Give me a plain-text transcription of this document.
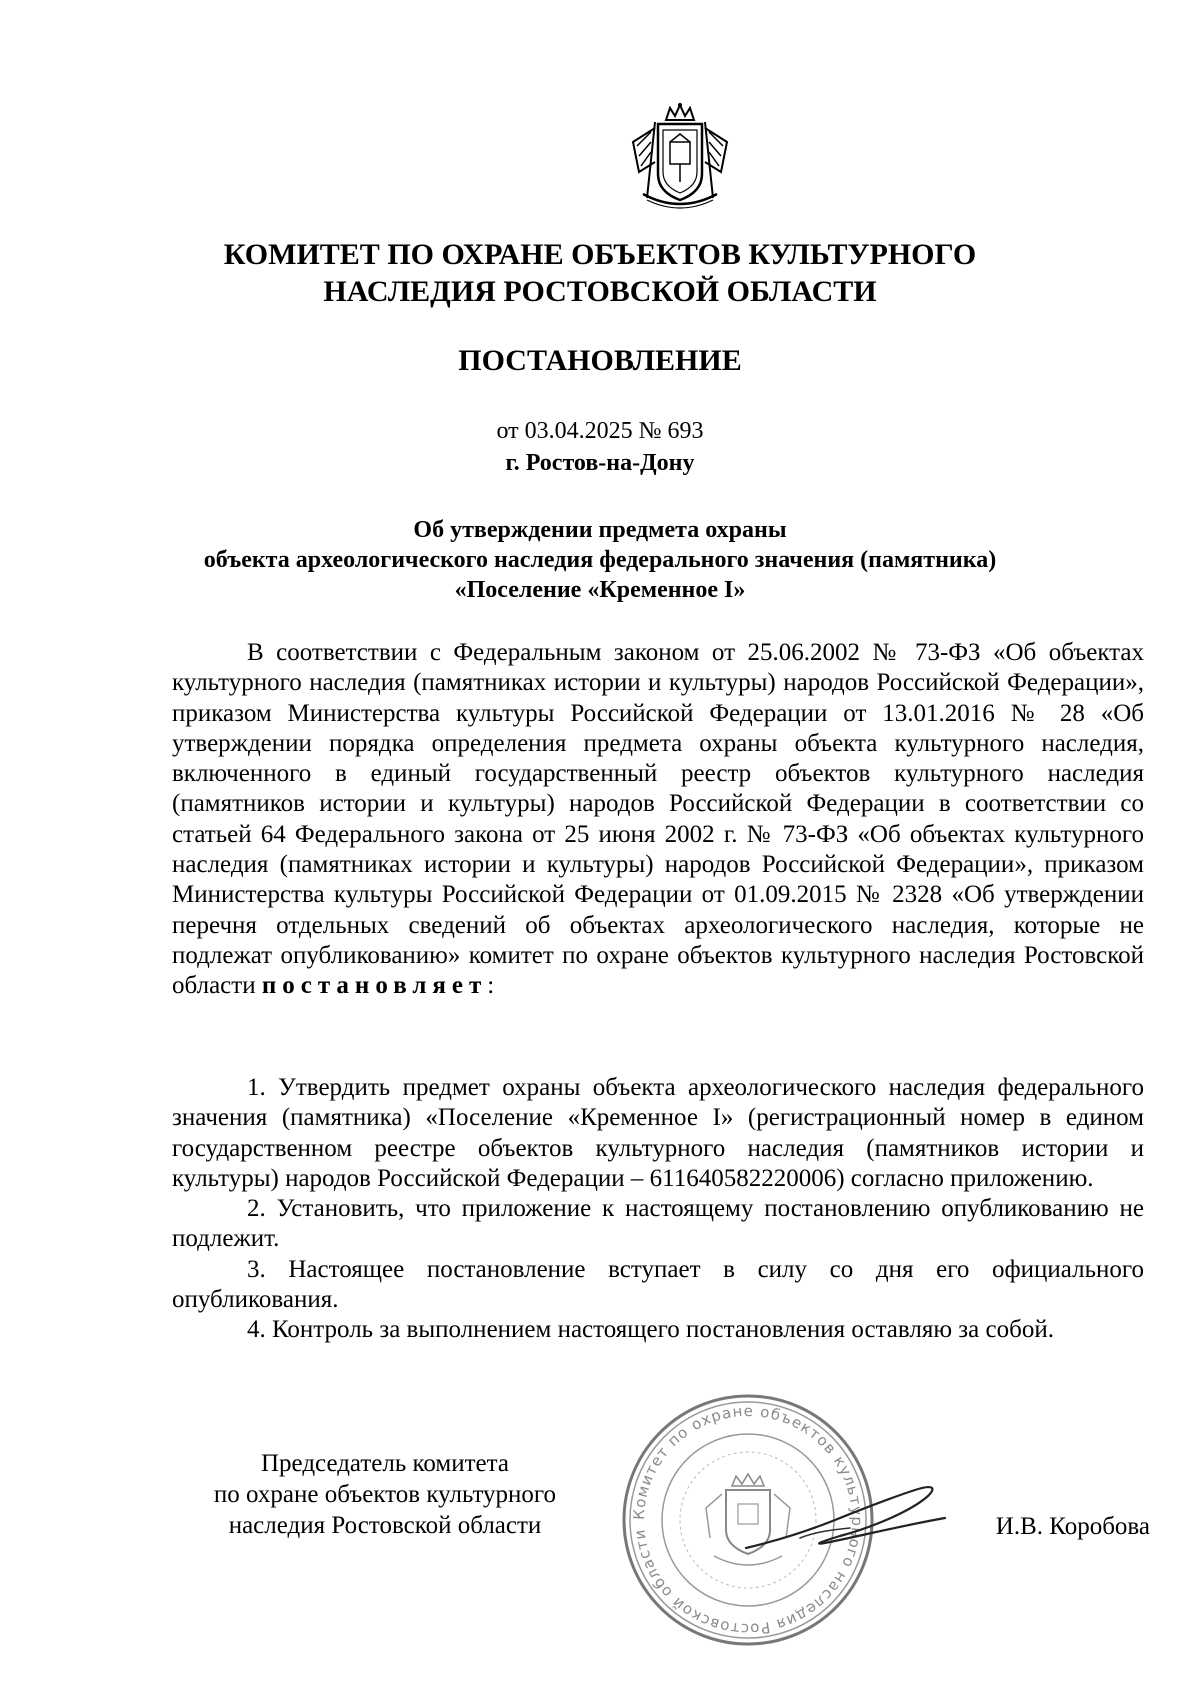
КОМИТЕТ ПО ОХРАНЕ ОБЪЕКТОВ КУЛЬТУРНОГО
НАСЛЕДИЯ РОСТОВСКОЙ ОБЛАСТИ
ПОСТАНОВЛЕНИЕ
от 03.04.2025 № 693
г. Ростов-на-Дону
Об утверждении предмета охраны
объекта археологического наследия федерального значения (памятника)
«Поселение «Кременное I»

В соответствии с Федеральным законом от 25.06.2002 № 73-ФЗ «Об объектах культурного наследия (памятниках истории и культуры) народов Российской Федерации», приказом Министерства культуры Российской Федерации от 13.01.2016 № 28 «Об утверждении порядка определения предмета охраны объекта культурного наследия, включенного в единый государственный реестр объектов культурного наследия (памятников истории и культуры) народов Российской Федерации в соответствии со статьей 64 Федерального закона от 25 июня 2002 г. № 73-ФЗ «Об объектах культурного наследия (памятниках истории и культуры) народов Российской Федерации», приказом Министерства культуры Российской Федерации от 01.09.2015 № 2328 «Об утверждении перечня отдельных сведений об объектах археологического наследия, которые не подлежат опубликованию» комитет по охране объектов культурного наследия Ростовской области постановляет:

1. Утвердить предмет охраны объекта археологического наследия федерального значения (памятника) «Поселение «Кременное I» (регистрационный номер в едином государственном реестре объектов культурного наследия (памятников истории и культуры) народов Российской Федерации – 611640582220006) согласно приложению.

2. Установить, что приложение к настоящему постановлению опубликованию не подлежит.

3. Настоящее постановление вступает в силу со дня его официального опубликования.

4. Контроль за выполнением настоящего постановления оставляю за собой.

Председатель комитета
по охране объектов культурного
наследия Ростовской области	Комитет по охране объектов культурного наследия Ростовской области	И.В. Коробова
